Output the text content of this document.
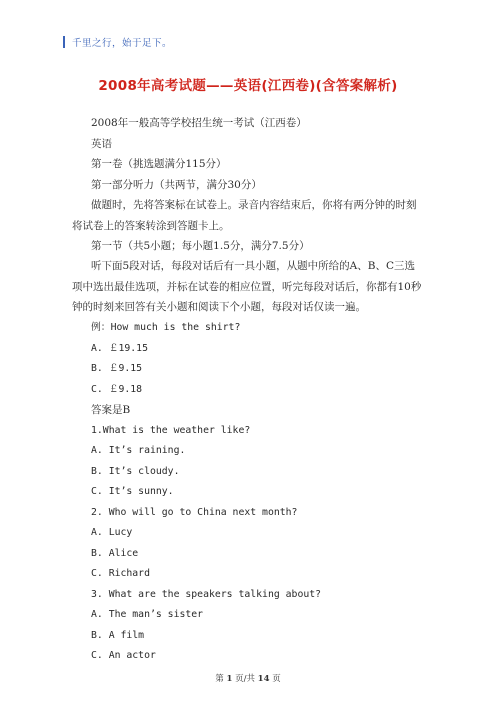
千里之行，始于足下。
2008年高考试题——英语(江西卷)(含答案解析)
2008年一般高等学校招生统一考试（江西卷）
英语
第一卷（挑选题满分115分）
第一部分听力（共两节，满分30分）
做题时，先将答案标在试卷上。录音内容结束后，你将有两分钟的时刻将试卷上的答案转涂到答题卡上。
第一节（共5小题；每小题1.5分，满分7.5分）
听下面5段对话，每段对话后有一具小题，从题中所给的A、B、C三选项中选出最佳选项，并标在试卷的相应位置，听完每段对话后，你都有10秒钟的时刻来回答有关小题和阅读下个小题，每段对话仅读一遍。
例：How much is the shirt?
A. ￡19.15
B. ￡9.15
C. ￡9.18
答案是B
1.What is the weather like?
A. It’s raining.
B. It’s cloudy.
C. It’s sunny.
2. Who will go to China next month?
A. Lucy
B. Alice
C. Richard
3. What are the speakers talking about?
A. The man’s sister
B. A film
C. An actor
第 1 页/共 14 页
